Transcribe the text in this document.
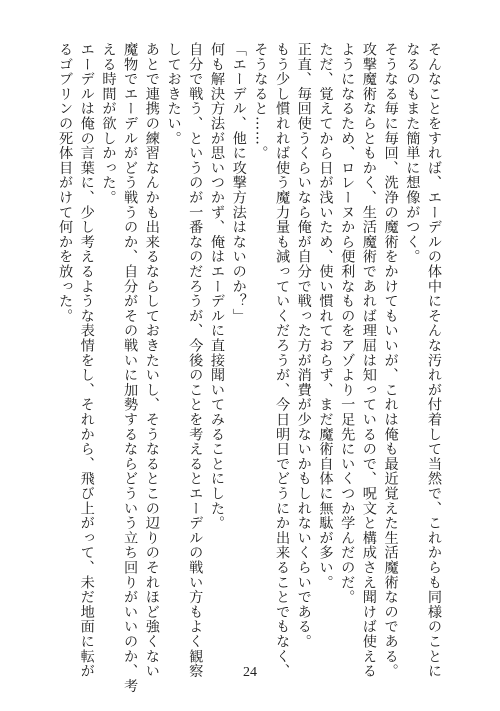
そんなことをすれば、エーデルの体中にそんな汚れが付着して当然で、これからも同様のことに
なるのもまた簡単に想像がつく。
そうなる毎に毎回、洗浄の魔術をかけてもいいが、これは俺も最近覚えた生活魔術なのである。
攻撃魔術ならともかく、生活魔術であれば理屈は知っているので、呪文と構成さえ聞けば使える
ようになるため、ロレーヌから便利なものをアゾより一足先にいくつか学んだのだ。
ただ、覚えてから日が浅いため、使い慣れておらず、まだ魔術自体に無駄が多い。
正直、毎回使うくらいなら俺が自分で戦った方が消費が少ないかもしれないくらいである。
もう少し慣れれば使う魔力量も減っていくだろうが、今日明日でどうにか出来ることでもなく、
そうなると……。
「エーデル、他に攻撃方法はないのか？」
何も解決方法が思いつかず、俺はエーデルに直接聞いてみることにした。
自分で戦う、というのが一番なのだろうが、今後のことを考えるとエーデルの戦い方もよく観察
しておきたい。
あとで連携の練習なんかも出来るならしておきたいし、そうなるとこの辺りのそれほど強くない
魔物でエーデルがどう戦うのか、自分がその戦いに加勢するならどういう立ち回りがいいのか、考
える時間が欲しかった。
エーデルは俺の言葉に、少し考えるような表情をし、それから、飛び上がって、未だ地面に転が
るゴブリンの死体目がけて何かを放った。
24
